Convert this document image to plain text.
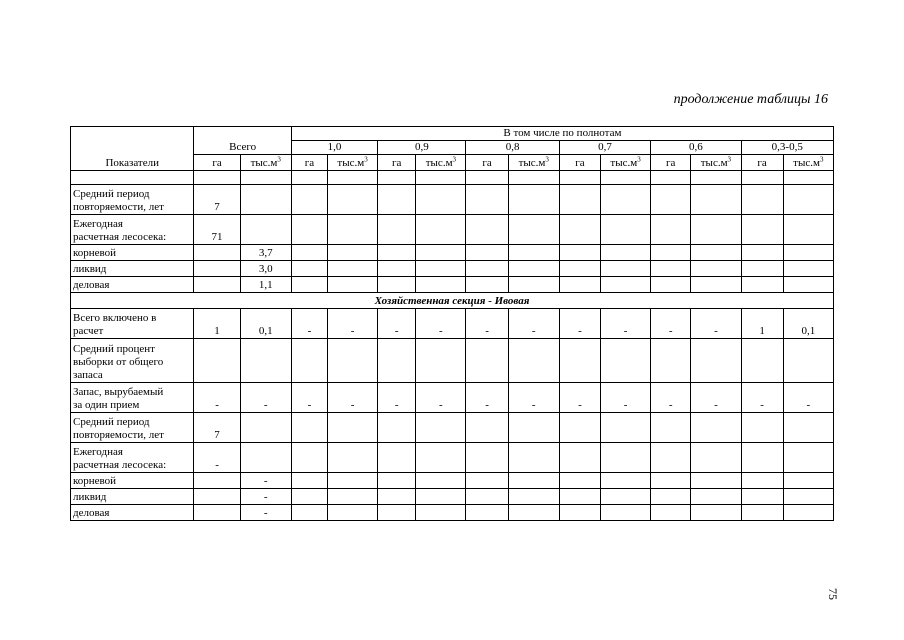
продолжение таблицы 16
Показатели	Всего		В том числе по полнотам											
			1,0		0,9		0,8		0,7		0,6		0,3-0,5	
	га	$тыс.м^3$	га	$тыс.м^3$	га	$тыс.м^3$	га	$тыс.м^3$	га	$тыс.м^3$	га	$тыс.м^3$	га	$тыс.м^3$

Средний период
повторяемости, лет	7													

Ежегодная
расчетная лесосека:	71													

корневой		3,7												

ликвид		3,0												

деловая		1,1												
Хозяйственная секция - Ивовая														

Всего включено в
расчет	1	0,1	-	-	-	-	-	-	-	-	-	-	1	0,1

Средний процент
выборки от общего
запаса														

Запас, вырубаемый
за один прием	-	-	-	-	-	-	-	-	-	-	-	-	-	-

Средний период
повторяемости, лет	7													

Ежегодная
расчетная лесосека:	-													

корневой		-												

ликвид		-												

деловая		-												
75
